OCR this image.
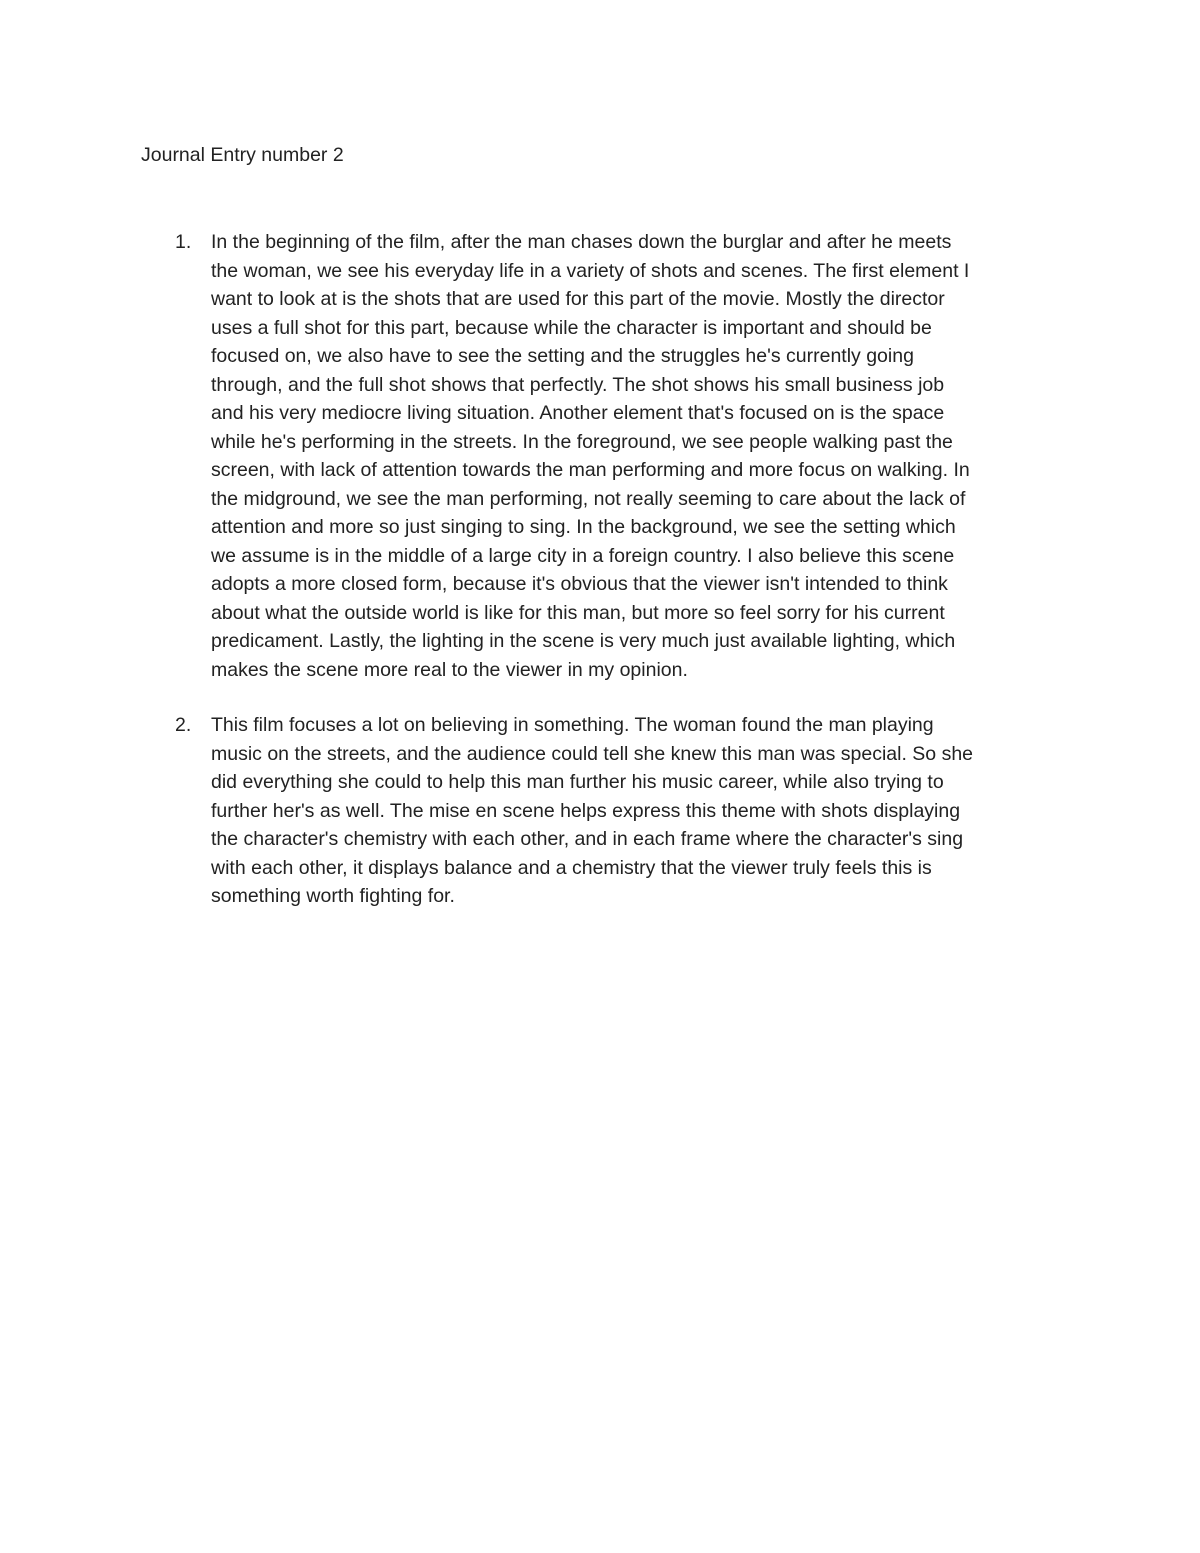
Journal Entry number 2
1.	In the beginning of the film, after the man chases down the burglar and after he meets
the woman, we see his everyday life in a variety of shots and scenes. The first element I
want to look at is the shots that are used for this part of the movie. Mostly the director
uses a full shot for this part, because while the character is important and should be
focused on, we also have to see the setting and the struggles he's currently going
through, and the full shot shows that perfectly. The shot shows his small business job
and his very mediocre living situation. Another element that's focused on is the space
while he's performing in the streets. In the foreground, we see people walking past the
screen, with lack of attention towards the man performing and more focus on walking. In
the midground, we see the man performing, not really seeming to care about the lack of
attention and more so just singing to sing. In the background, we see the setting which
we assume is in the middle of a large city in a foreign country. I also believe this scene
adopts a more closed form, because it's obvious that the viewer isn't intended to think
about what the outside world is like for this man, but more so feel sorry for his current
predicament. Lastly, the lighting in the scene is very much just available lighting, which
makes the scene more real to the viewer in my opinion.

2.	This film focuses a lot on believing in something. The woman found the man playing
music on the streets, and the audience could tell she knew this man was special. So she
did everything she could to help this man further his music career, while also trying to
further her's as well. The mise en scene helps express this theme with shots displaying
the character's chemistry with each other, and in each frame where the character's sing
with each other, it displays balance and a chemistry that the viewer truly feels this is
something worth fighting for.
